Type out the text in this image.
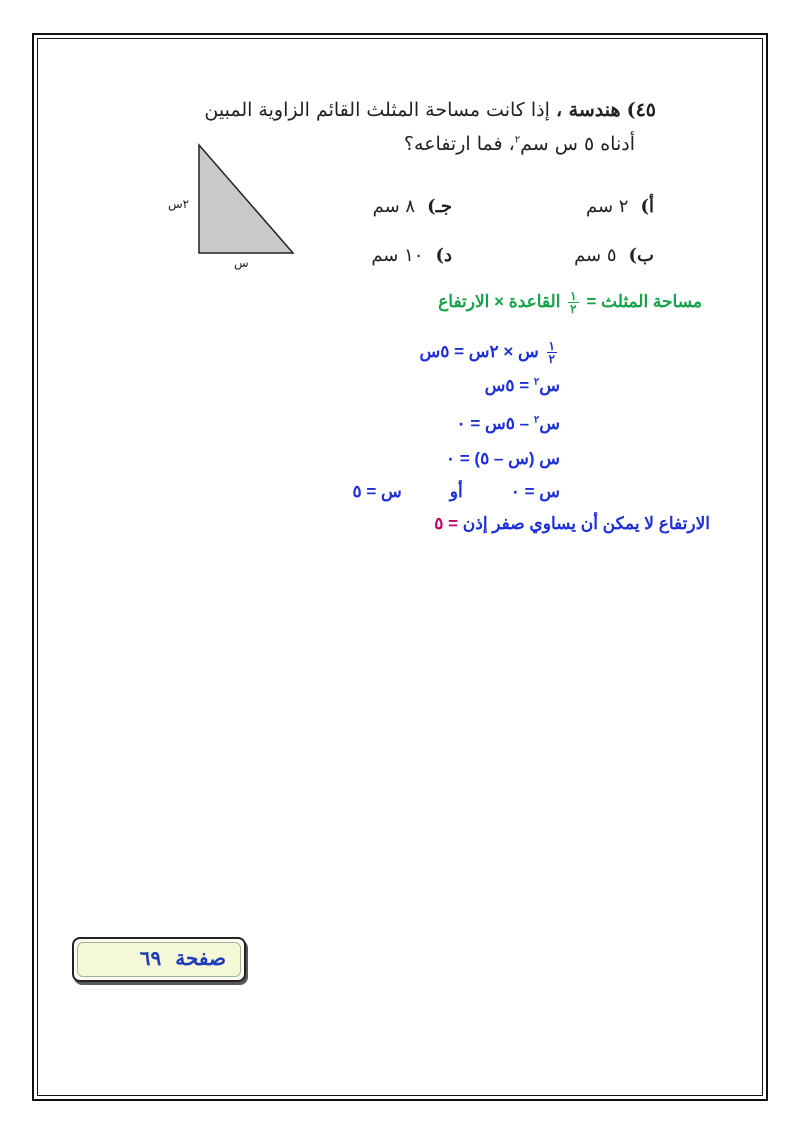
٤٥) هندسة ، إذا كانت مساحة المثلث القائم الزاوية المبين
أدناه ٥ س سم$^٢$، فما ارتفاعه؟
٢س
س
أ)٢ سم
جـ)٨ سم
ب)٥ سم
د)١٠ سم
مساحة المثلث =
$\frac{١}{٢}$
القاعدة × الارتفاع
$\frac{١}{٢}$
س × ٢س = ٥س
س$^٢$ = ٥س
س$^٢$ – ٥س = ٠
س (س – ٥) = ٠
س = ٠أوس = ٥
الارتفاع لا يمكن أن يساوي صفر إذن = ٥
صفحة٦٩
